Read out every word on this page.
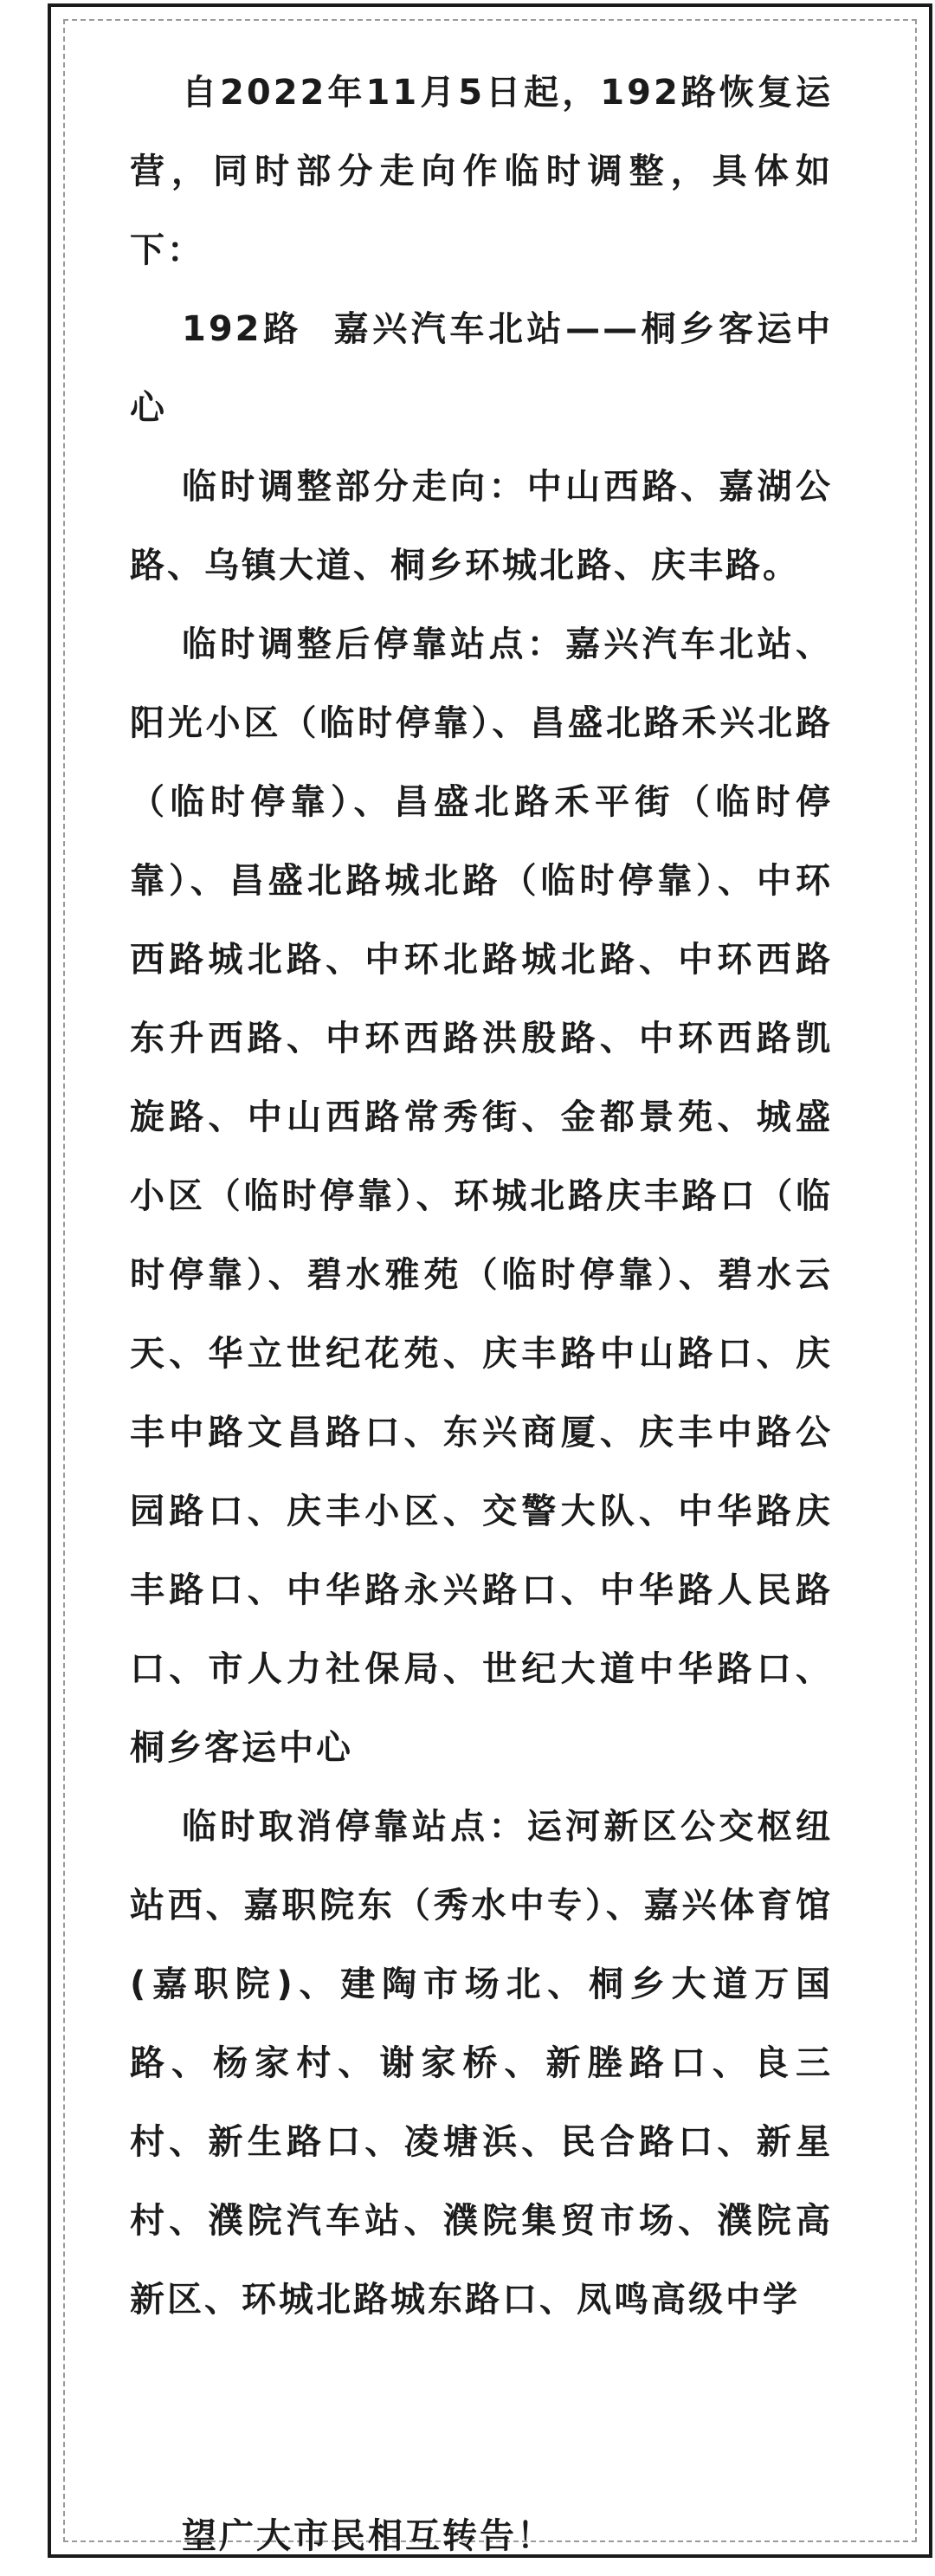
自2022年11月5日起，192路恢复运营，同时部分走向作临时调整，具体如下：

192路  嘉兴汽车北站——桐乡客运中心

临时调整部分走向：中山西路、嘉湖公路、乌镇大道、桐乡环城北路、庆丰路。

临时调整后停靠站点：嘉兴汽车北站、阳光小区（临时停靠）、昌盛北路禾兴北路（临时停靠）、昌盛北路禾平街（临时停靠）、昌盛北路城北路（临时停靠）、中环西路城北路、中环北路城北路、中环西路东升西路、中环西路洪殷路、中环西路凯旋路、中山西路常秀街、金都景苑、城盛小区（临时停靠）、环城北路庆丰路口（临时停靠）、碧水雅苑（临时停靠）、碧水云天、华立世纪花苑、庆丰路中山路口、庆丰中路文昌路口、东兴商厦、庆丰中路公园路口、庆丰小区、交警大队、中华路庆丰路口、中华路永兴路口、中华路人民路口、市人力社保局、世纪大道中华路口、桐乡客运中心

临时取消停靠站点：运河新区公交枢纽站西、嘉职院东（秀水中专）、嘉兴体育馆(嘉职院)、建陶市场北、桐乡大道万国路、杨家村、谢家桥、新塍路口、良三村、新生路口、凌塘浜、民合路口、新星村、濮院汽车站、濮院集贸市场、濮院高新区、环城北路城东路口、凤鸣高级中学

望广大市民相互转告！
